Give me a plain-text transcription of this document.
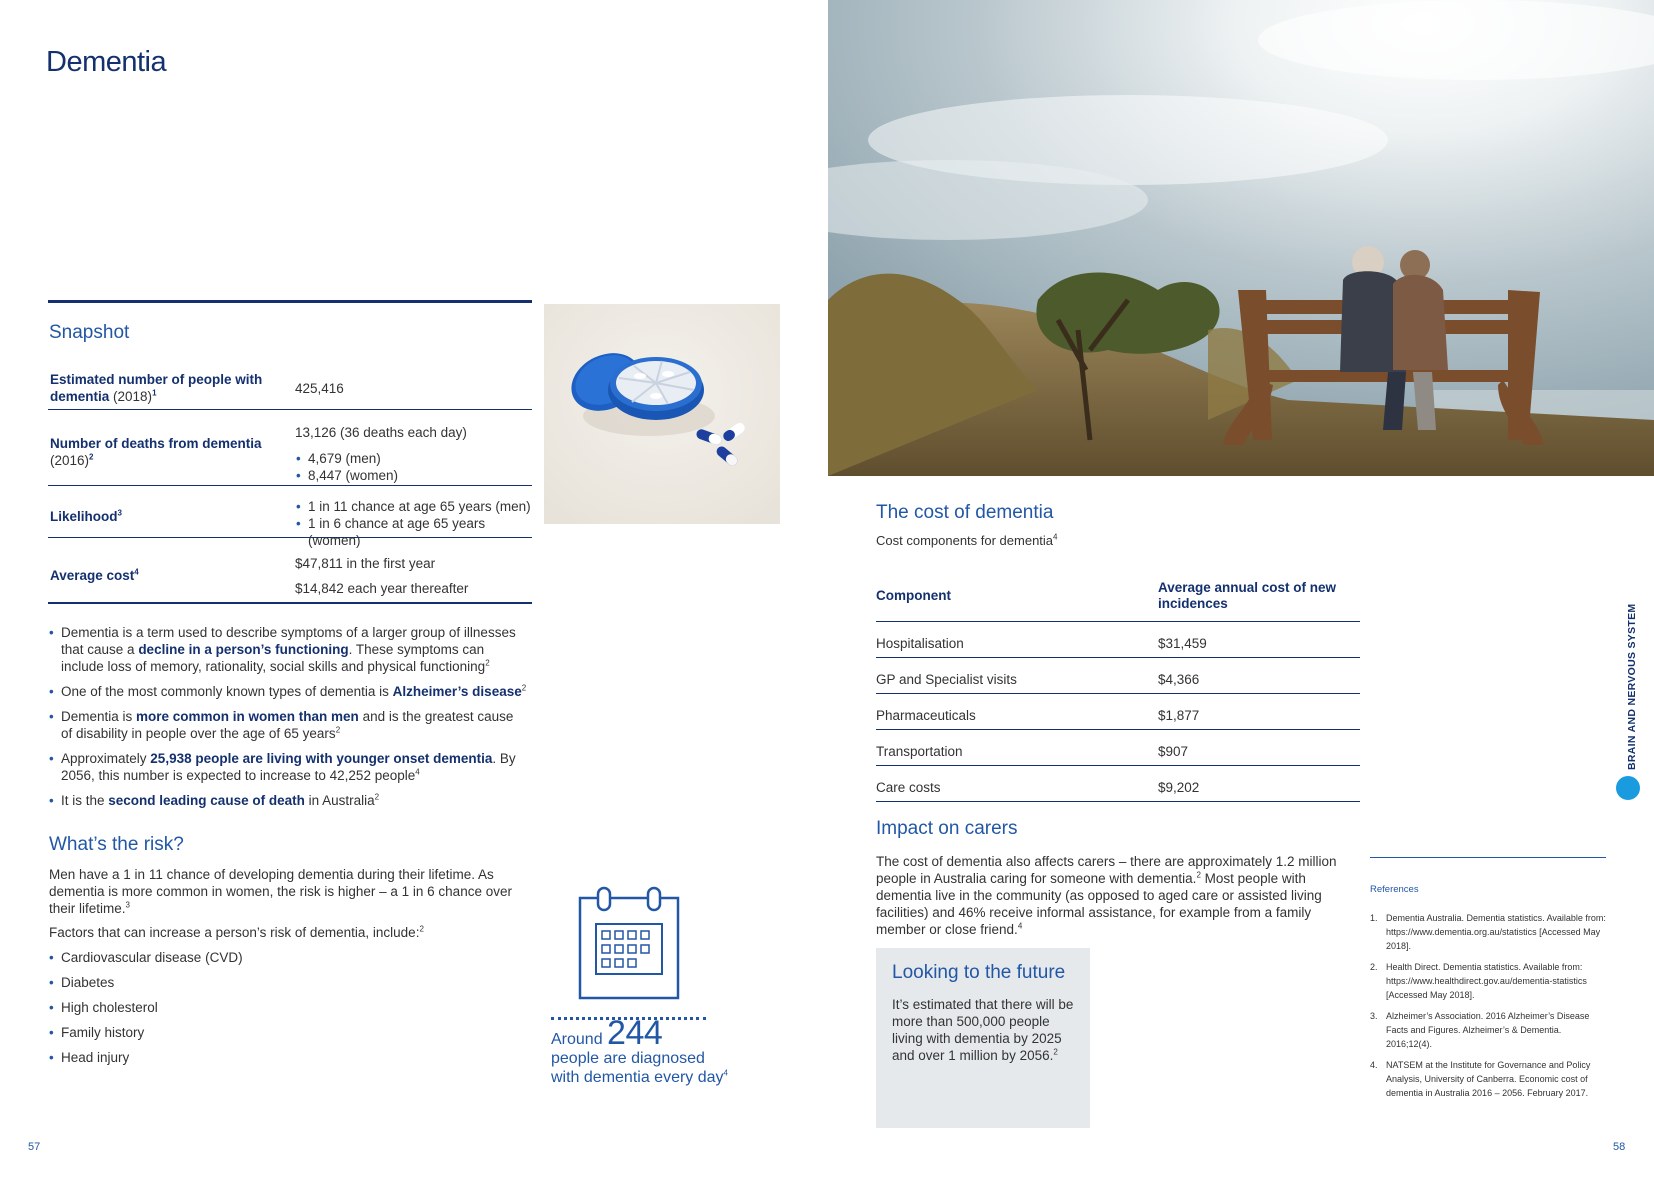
Dementia
Snapshot
Estimated number of people with dementia $(2018)^1$	425,416
Number of deaths from dementia $(2016)^2$
13,126 (36 deaths each day)
• 4,679 (men)
• 8,447 (women)
Likelihood$^3$
•	1 in 11 chance at age 65 years (men)
• 1 in 6 chance at age 65 years (women)
Average cost$^4$
$47,811 in the first year
$14,842 each year thereafter
• Dementia is a term used to describe symptoms of a larger group of illnesses that cause a decline in a person’s functioning. These symptoms can include loss of memory, rationality, social skills and physical functioning$^2$
• One of the most commonly known types of dementia is Alzheimer’s disease$^2$
• Dementia is more common in women than men and is the greatest cause of disability in people over the age of 65 years$^2$
• Approximately 25,938 people are living with younger onset dementia. By 2056, this number is expected to increase to 42,252 people$^4$
• It is the second leading cause of death in Australia$^2$
What’s the risk?
Men have a 1 in 11 chance of developing dementia during their lifetime. As dementia is more common in women, the risk is higher – a 1 in 6 chance over their lifetime.$^3$
Factors that can increase a person’s risk of dementia, include:$^2$
• Cardiovascular disease (CVD)
• Diabetes
• High cholesterol
• Family history
• Head injury
Around 244
people are diagnosed with dementia every day$^4$
57
The cost of dementia
Cost components for dementia$^4$
Component
Average annual cost of new incidences
Hospitalisation	$31,459
GP and Specialist visits	$4,366
Pharmaceuticals	$1,877
Transportation	$907
Care costs	$9,202
Impact on carers
The cost of dementia also affects carers – there are approximately 1.2 million people in Australia caring for someone with dementia.$^2$ Most people with dementia live in the community (as opposed to aged care or assisted living facilities) and 46% receive informal assistance, for example from a family member or close friend.$^4$
Looking to the future
It’s estimated that there will be more than 500,000 people living with dementia by 2025 and over 1 million by 2056.$^2$
References
1. Dementia Australia. Dementia statistics. Available from: https://www.dementia.org.au/statistics [Accessed May 2018].
2. Health Direct. Dementia statistics. Available from: https://www.healthdirect.gov.au/dementia-statistics [Accessed May 2018].
3. Alzheimer’s Association. 2016 Alzheimer’s Disease Facts and Figures. Alzheimer’s & Dementia. 2016;12(4).
4. NATSEM at the Institute for Governance and Policy Analysis, University of Canberra. Economic cost of dementia in Australia 2016 – 2056. February 2017.
BRAIN AND NERVOUS SYSTEM
58
